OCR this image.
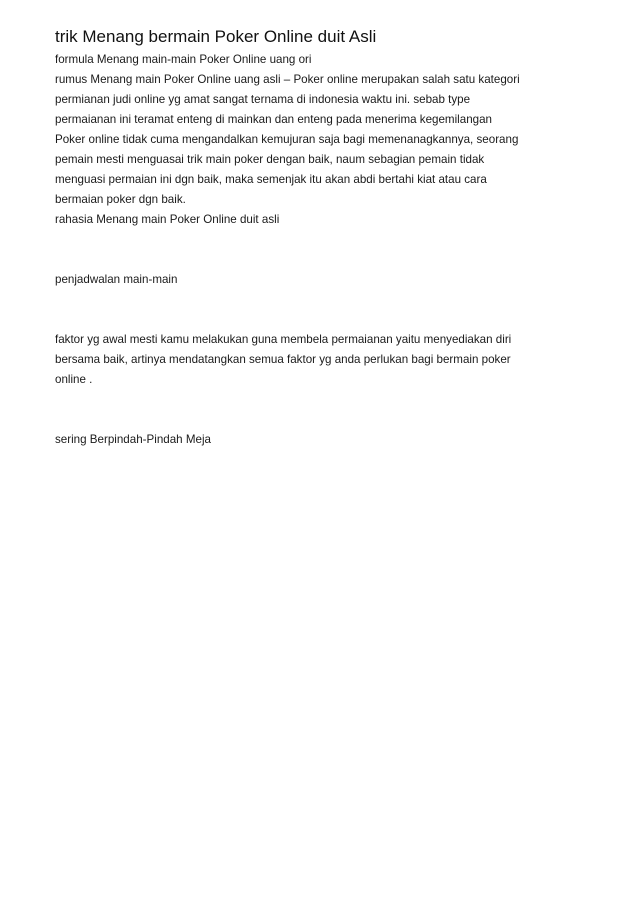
trik Menang bermain Poker Online duit Asli

formula Menang main-main Poker Online uang ori

rumus Menang main Poker Online uang asli – Poker online merupakan salah satu kategori

permianan judi online yg amat sangat ternama di indonesia waktu ini. sebab type

permaianan ini teramat enteng di mainkan dan enteng pada menerima kegemilangan

Poker online tidak cuma mengandalkan kemujuran saja bagi memenanagkannya, seorang

pemain mesti menguasai trik main poker dengan baik, naum sebagian pemain tidak

menguasi permaian ini dgn baik, maka semenjak itu akan abdi bertahi kiat atau cara

bermaian poker dgn baik.

rahasia Menang main Poker Online duit asli

penjadwalan main-main

faktor yg awal mesti kamu melakukan guna membela permaianan yaitu menyediakan diri

bersama baik, artinya mendatangkan semua faktor yg anda perlukan bagi bermain poker

online .

sering Berpindah-Pindah Meja
